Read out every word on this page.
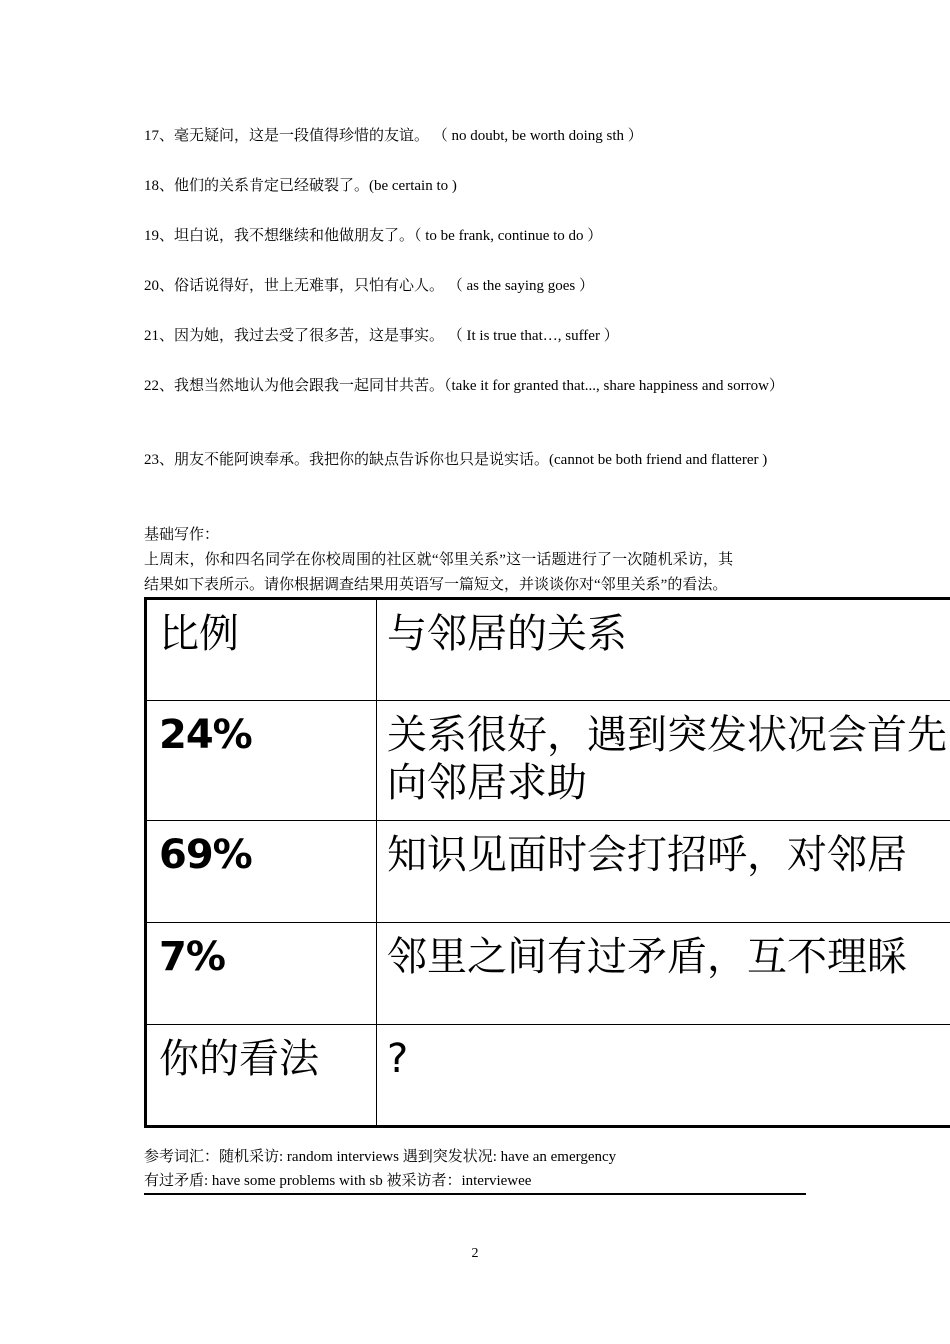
17、毫无疑问，这是一段值得珍惜的友谊。 （ no doubt, be worth doing sth ）
18、他们的关系肯定已经破裂了。(be certain to )
19、坦白说，我不想继续和他做朋友了。（ to be frank, continue to do ）
20、俗话说得好，世上无难事，只怕有心人。 （ as the saying goes ）
21、因为她，我过去受了很多苦，这是事实。 （ It is true that…, suffer ）
22、我想当然地认为他会跟我一起同甘共苦。（take it for granted that..., share happiness and sorrow）
23、朋友不能阿谀奉承。我把你的缺点告诉你也只是说实话。(cannot be both friend and flatterer )
基础写作：
上周末，你和四名同学在你校周围的社区就“邻里关系”这一话题进行了一次随机采访，其
结果如下表所示。请你根据调查结果用英语写一篇短文，并谈谈你对“邻里关系”的看法。
比例	与邻居的关系
24%	关系很好，遇到突发状况会首先向邻居求助

69%	知识见面时会打招呼，对邻居
7%	邻里之间有过矛盾，互不理睬
你的看法	?
参考词汇：随机采访: random interviews 遇到突发状况: have an emergency
有过矛盾: have some problems with sb 被采访者：interviewee
2
